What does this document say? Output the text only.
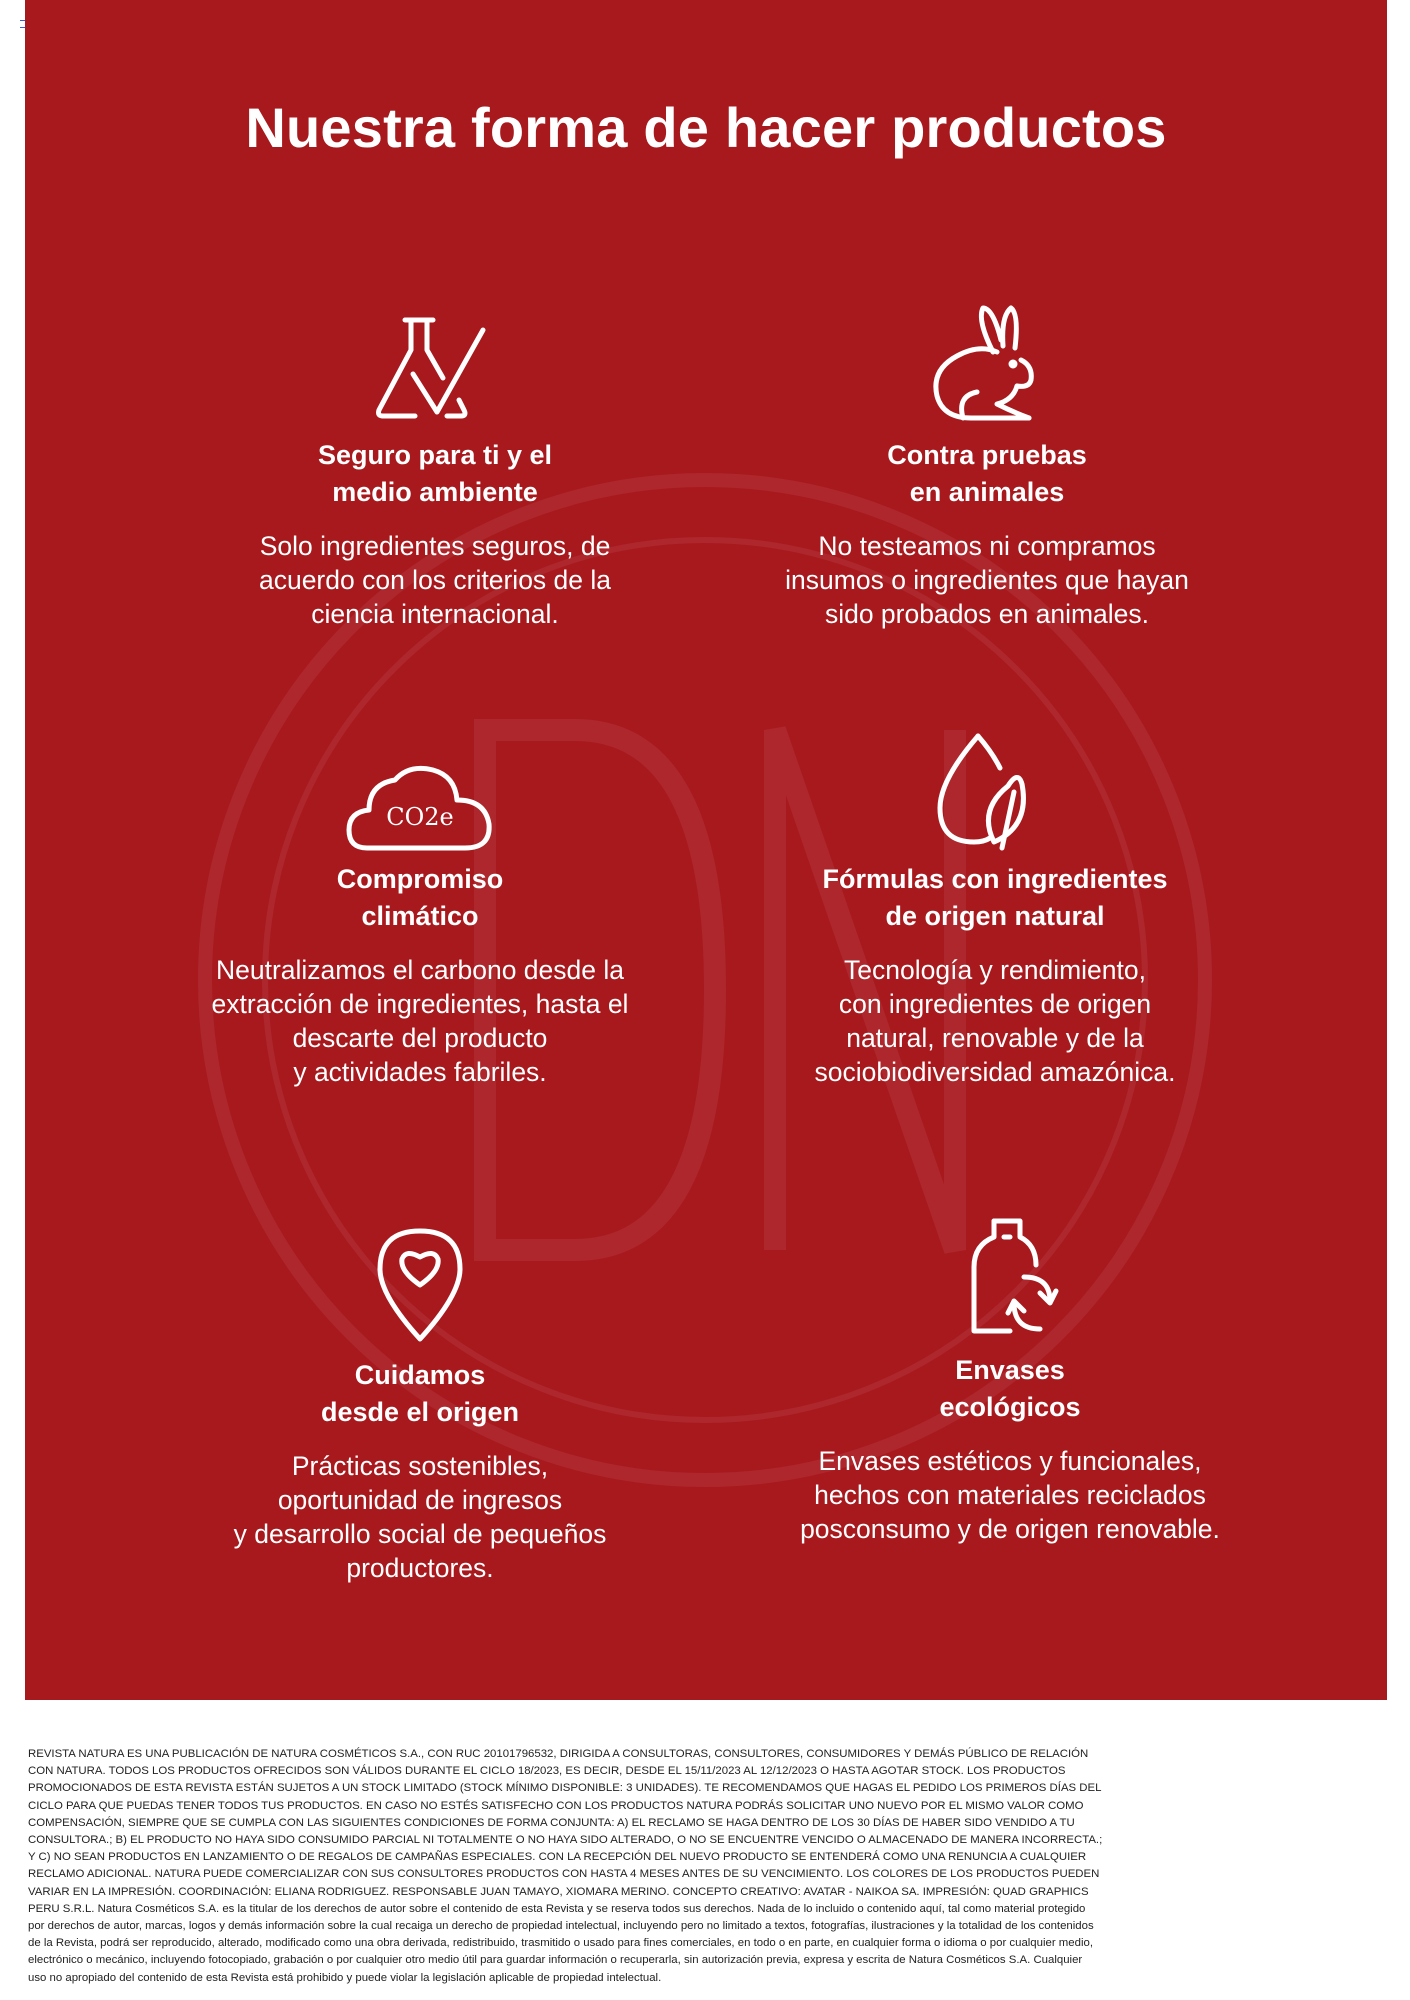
Nuestra forma de hacer productos
Seguro para ti y el
medio ambiente
Solo ingredientes seguros, de
acuerdo con los criterios de la
ciencia internacional.
Contra pruebas
en animales
No testeamos ni compramos
insumos o ingredientes que hayan
sido probados en animales.
CO2e
Compromiso
climático
Neutralizamos el carbono desde la
extracción de ingredientes, hasta el
descarte del producto
y actividades fabriles.
Fórmulas con ingredientes
de origen natural
Tecnología y rendimiento,
con ingredientes de origen
natural, renovable y de la
sociobiodiversidad amazónica.
Cuidamos
desde el origen
Prácticas sostenibles,
oportunidad de ingresos
y desarrollo social de pequeños
productores.
Envases
ecológicos
Envases estéticos y funcionales,
hechos con materiales reciclados
posconsumo y de origen renovable.
REVISTA NATURA ES UNA PUBLICACIÓN DE NATURA COSMÉTICOS S.A., CON RUC 20101796532, DIRIGIDA A CONSULTORAS, CONSULTORES, CONSUMIDORES Y DEMÁS PÚBLICO DE RELACIÓN
CON NATURA. TODOS LOS PRODUCTOS OFRECIDOS SON VÁLIDOS DURANTE EL CICLO 18/2023, ES DECIR, DESDE EL 15/11/2023 AL 12/12/2023 O HASTA AGOTAR STOCK. LOS PRODUCTOS
PROMOCIONADOS DE ESTA REVISTA ESTÁN SUJETOS A UN STOCK LIMITADO (STOCK MÍNIMO DISPONIBLE: 3 UNIDADES). TE RECOMENDAMOS QUE HAGAS EL PEDIDO LOS PRIMEROS DÍAS DEL
CICLO PARA QUE PUEDAS TENER TODOS TUS PRODUCTOS. EN CASO NO ESTÉS SATISFECHO CON LOS PRODUCTOS NATURA PODRÁS SOLICITAR UNO NUEVO POR EL MISMO VALOR COMO
COMPENSACIÓN, SIEMPRE QUE SE CUMPLA CON LAS SIGUIENTES CONDICIONES DE FORMA CONJUNTA: A) EL RECLAMO SE HAGA DENTRO DE LOS 30 DÍAS DE HABER SIDO VENDIDO A TU
CONSULTORA.; B) EL PRODUCTO NO HAYA SIDO CONSUMIDO PARCIAL NI TOTALMENTE O NO HAYA SIDO ALTERADO, O NO SE ENCUENTRE VENCIDO O ALMACENADO DE MANERA INCORRECTA.;
Y C) NO SEAN PRODUCTOS EN LANZAMIENTO O DE REGALOS DE CAMPAÑAS ESPECIALES. CON LA RECEPCIÓN DEL NUEVO PRODUCTO SE ENTENDERÁ COMO UNA RENUNCIA A CUALQUIER
RECLAMO ADICIONAL. NATURA PUEDE COMERCIALIZAR CON SUS CONSULTORES PRODUCTOS CON HASTA 4 MESES ANTES DE SU VENCIMIENTO. LOS COLORES DE LOS PRODUCTOS PUEDEN
VARIAR EN LA IMPRESIÓN. COORDINACIÓN: ELIANA RODRIGUEZ. RESPONSABLE JUAN TAMAYO, XIOMARA MERINO. CONCEPTO CREATIVO: AVATAR - NAIKOA SA. IMPRESIÓN: QUAD GRAPHICS
PERU S.R.L. Natura Cosméticos S.A. es la titular de los derechos de autor sobre el contenido de esta Revista y se reserva todos sus derechos. Nada de lo incluido o contenido aquí, tal como material protegido
por derechos de autor, marcas, logos y demás información sobre la cual recaiga un derecho de propiedad intelectual, incluyendo pero no limitado a textos, fotografías, ilustraciones y la totalidad de los contenidos
de la Revista, podrá ser reproducido, alterado, modificado como una obra derivada, redistribuido, trasmitido o usado para fines comerciales, en todo o en parte, en cualquier forma o idioma o por cualquier medio,
electrónico o mecánico, incluyendo fotocopiado, grabación o por cualquier otro medio útil para guardar información o recuperarla, sin autorización previa, expresa y escrita de Natura Cosméticos S.A. Cualquier
uso no apropiado del contenido de esta Revista está prohibido y puede violar la legislación aplicable de propiedad intelectual.
